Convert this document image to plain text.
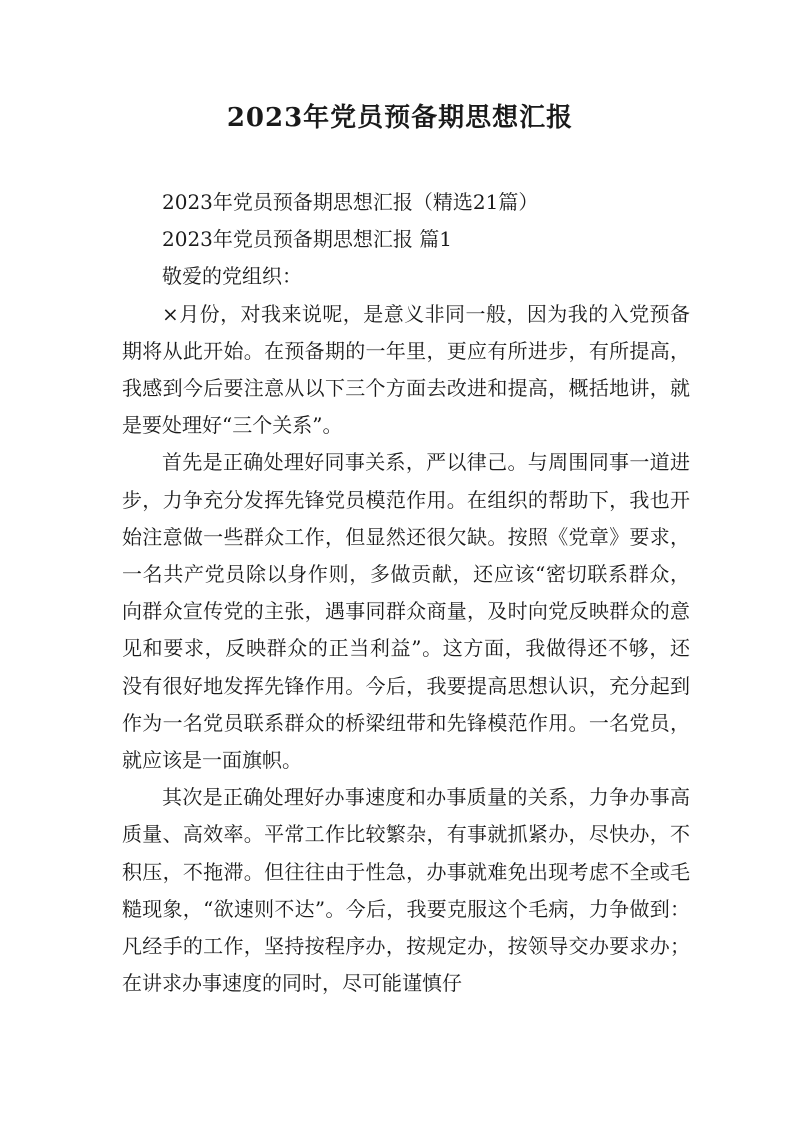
2023年党员预备期思想汇报

2023年党员预备期思想汇报（精选21篇）

2023年党员预备期思想汇报 篇1

敬爱的党组织：

×月份，对我来说呢，是意义非同一般，因为我的入党预备期将从此开始。在预备期的一年里，更应有所进步，有所提高，我感到今后要注意从以下三个方面去改进和提高，概括地讲，就是要处理好“三个关系”。

首先是正确处理好同事关系，严以律己。与周围同事一道进步，力争充分发挥先锋党员模范作用。在组织的帮助下，我也开始注意做一些群众工作，但显然还很欠缺。按照《党章》要求，一名共产党员除以身作则，多做贡献，还应该“密切联系群众，向群众宣传党的主张，遇事同群众商量，及时向党反映群众的意见和要求，反映群众的正当利益”。这方面，我做得还不够，还没有很好地发挥先锋作用。今后，我要提高思想认识，充分起到作为一名党员联系群众的桥梁纽带和先锋模范作用。一名党员，就应该是一面旗帜。

其次是正确处理好办事速度和办事质量的关系，力争办事高质量、高效率。平常工作比较繁杂，有事就抓紧办，尽快办，不积压，不拖滞。但往往由于性急，办事就难免出现考虑不全或毛糙现象，“欲速则不达”。今后，我要克服这个毛病，力争做到：凡经手的工作，坚持按程序办，按规定办，按领导交办要求办；在讲求办事速度的同时，尽可能谨慎仔
